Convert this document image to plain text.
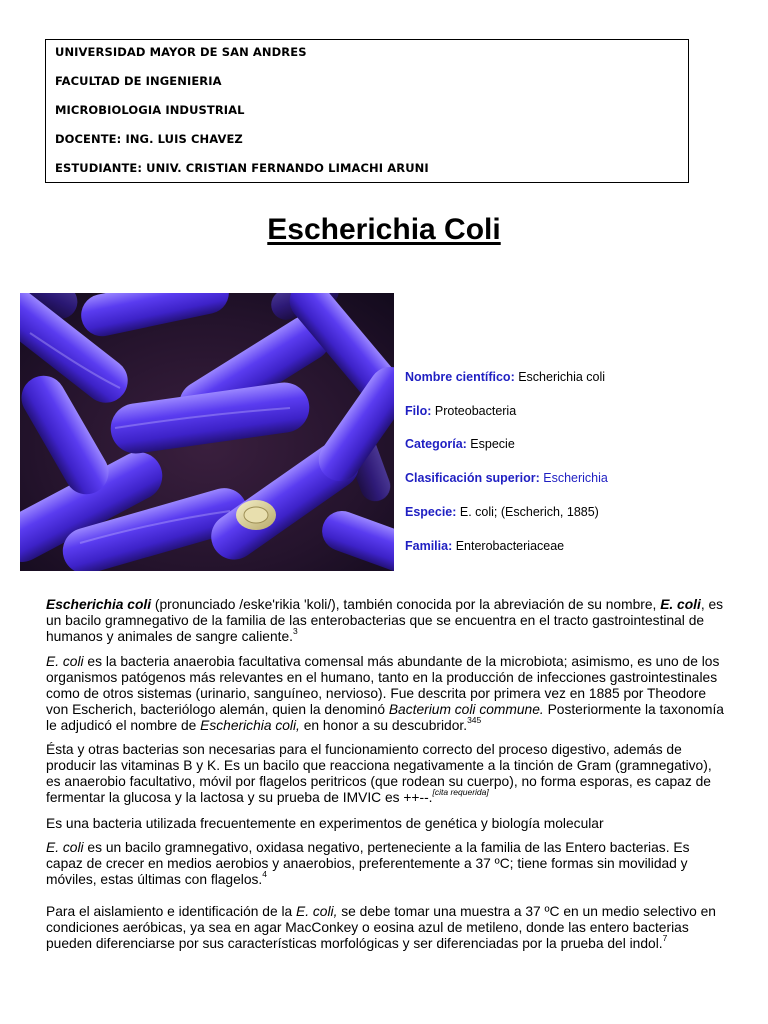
UNIVERSIDAD MAYOR DE SAN ANDRES
FACULTAD DE INGENIERIA
MICROBIOLOGIA INDUSTRIAL
DOCENTE: ING. LUIS CHAVEZ
ESTUDIANTE: UNIV. CRISTIAN FERNANDO LIMACHI ARUNI
Escherichia Coli
Nombre científico: Escherichia coli
Filo: Proteobacteria
Categoría: Especie
Clasificación superior: Escherichia
Especie: E. coli; (Escherich, 1885)
Familia: Enterobacteriaceae

Escherichia coli (pronunciado /eske'rikia 'koli/), también conocida por la abreviación de su nombre, E. coli, es un bacilo gramnegativo de la familia de las enterobacterias que se encuentra en el tracto gastrointestinal de humanos y animales de sangre caliente.$^3$

E. coli es la bacteria anaerobia facultativa comensal más abundante de la microbiota; asimismo, es uno de los organismos patógenos más relevantes en el humano, tanto en la producción de infecciones gastrointestinales como de otros sistemas (urinario, sanguíneo, nervioso). Fue descrita por primera vez en 1885 por Theodore von Escherich, bacteriólogo alemán, quien la denominó Bacterium coli commune. Posteriormente la taxonomía le adjudicó el nombre de Escherichia coli, en honor a su descubridor.$^{345}$

Ésta y otras bacterias son necesarias para el funcionamiento correcto del proceso digestivo, además de producir las vitaminas B y K. Es un bacilo que reacciona negativamente a la tinción de Gram (gramnegativo), es anaerobio facultativo, móvil por flagelos peritricos (que rodean su cuerpo), no forma esporas, es capaz de fermentar la glucosa y la lactosa y su prueba de IMVIC es ++--.[cita requerida]

Es una bacteria utilizada frecuentemente en experimentos de genética y biología molecular

E. coli es un bacilo gramnegativo, oxidasa negativo, perteneciente a la familia de las Entero bacterias. Es capaz de crecer en medios aerobios y anaerobios, preferentemente a 37 ºC; tiene formas sin movilidad y móviles, estas últimas con flagelos.$^4$

Para el aislamiento e identificación de la E. coli, se debe tomar una muestra a 37 ºC en un medio selectivo en condiciones aeróbicas, ya sea en agar MacConkey o eosina azul de metileno, donde las entero bacterias pueden diferenciarse por sus características morfológicas y ser diferenciadas por la prueba del indol.$^7$
